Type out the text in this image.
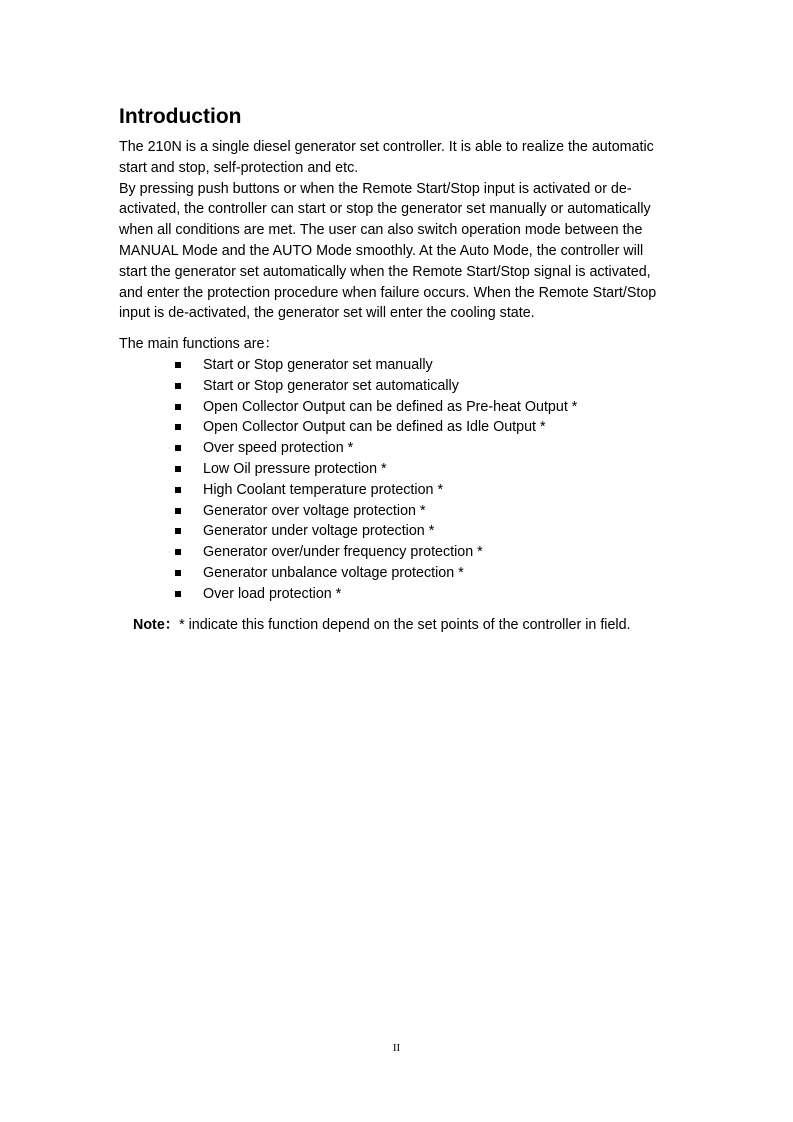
Introduction

The 210N is a single diesel generator set controller. It is able to realize the automatic start and stop, self-protection and etc.

By pressing push buttons or when the Remote Start/Stop input is activated or de-activated, the controller can start or stop the generator set manually or automatically when all conditions are met. The user can also switch operation mode between the MANUAL Mode and the AUTO Mode smoothly. At the Auto Mode, the controller will start the generator set automatically when the Remote Start/Stop signal is activated, and enter the protection procedure when failure occurs. When the Remote Start/Stop input is de-activated, the generator set will enter the cooling state.

The main functions are：

Start or Stop generator set manually
Start or Stop generator set automatically
Open Collector Output can be defined as Pre-heat Output *
Open Collector Output can be defined as Idle Output *
Over speed protection *
Low Oil pressure protection *
High Coolant temperature protection *
Generator over voltage protection *
Generator under voltage protection *
Generator over/under frequency protection *
Generator unbalance voltage protection *
Over load protection *
Note：* indicate this function depend on the set points of the controller in field.
II
